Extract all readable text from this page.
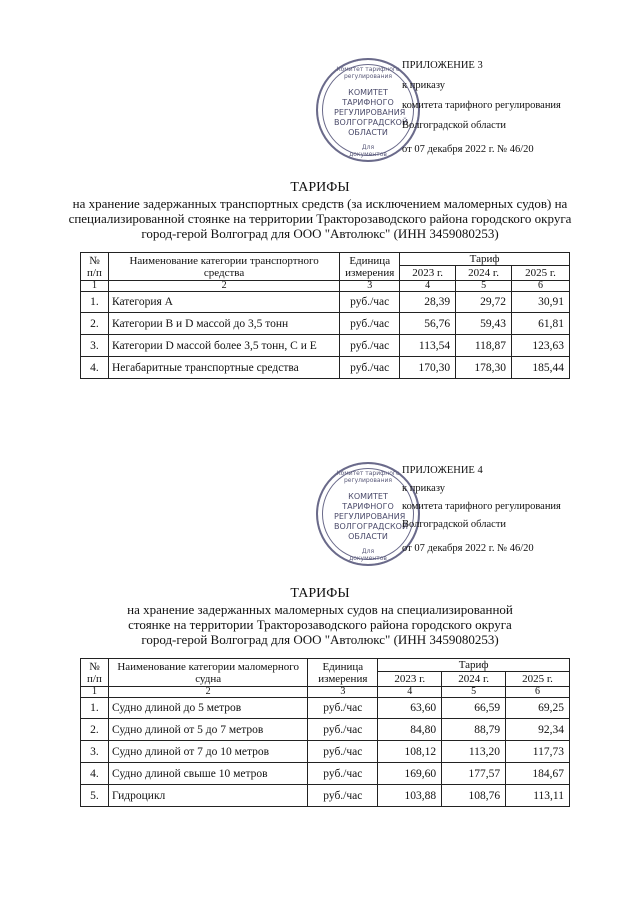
Комитет тарифного регулирования
КОМИТЕТ
ТАРИФНОГО
РЕГУЛИРОВАНИЯ
ВОЛГОГРАДСКОЙ
ОБЛАСТИ
Для документов
ПРИЛОЖЕНИЕ 3
к приказу
комитета тарифного регулирования
Волгоградской области
от 07 декабря 2022 г. № 46/20
ТАРИФЫ
на хранение задержанных транспортных средств (за исключением маломерных судов) на специализированной стоянке на территории Тракторозаводского района городского округа город-герой Волгоград для ООО "Автолюкс" (ИНН 3459080253)
№ п/п	Наименование категории транспортного средства	Единица измерения	Тариф		
			2023 г.	2024 г.	2025 г.
1	2	3	4	5	6
1.	Категория А	руб./час	28,39	29,72	30,91
2.	Категории В и D массой до 3,5 тонн	руб./час	56,76	59,43	61,81
3.	Категории D массой более 3,5 тонн, С и Е	руб./час	113,54	118,87	123,63
4.	Негабаритные транспортные средства	руб./час	170,30	178,30	185,44
Комитет тарифного регулирования
КОМИТЕТ
ТАРИФНОГО
РЕГУЛИРОВАНИЯ
ВОЛГОГРАДСКОЙ
ОБЛАСТИ
Для документов
ПРИЛОЖЕНИЕ 4
к приказу
комитета тарифного регулирования
Волгоградской области
от 07 декабря 2022 г. № 46/20
ТАРИФЫ
на хранение задержанных маломерных судов на специализированной стоянке на территории Тракторозаводского района городского округа город-герой Волгоград для ООО "Автолюкс" (ИНН 3459080253)
№ п/п	Наименование категории маломерного судна	Единица измерения	Тариф		
			2023 г.	2024 г.	2025 г.
1	2	3	4	5	6
1.	Судно длиной до 5 метров	руб./час	63,60	66,59	69,25
2.	Судно длиной от 5 до 7 метров	руб./час	84,80	88,79	92,34
3.	Судно длиной от 7 до 10 метров	руб./час	108,12	113,20	117,73
4.	Судно длиной свыше 10 метров	руб./час	169,60	177,57	184,67
5.	Гидроцикл	руб./час	103,88	108,76	113,11
